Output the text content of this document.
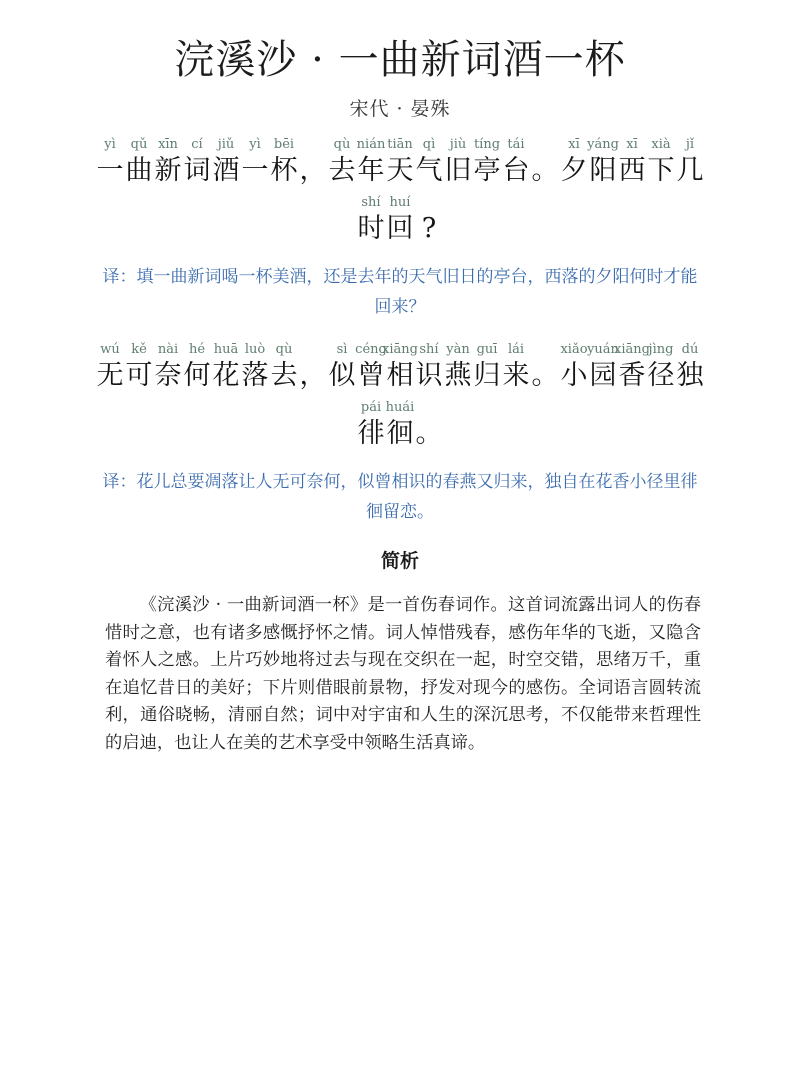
浣溪沙 · 一曲新词酒一杯
宋代 · 晏殊
yì
一
qǔ
曲
xīn
新
cí
词
jiǔ
酒
yì
一
bēi
杯 ，
qù
去
nián
年
tiān
天
qì
气
jiù
旧
tíng
亭
tái
台 。
xī
夕
yáng
阳
xī
西
xià
下
jǐ
几
shí
时
huí
回 ?
译：填一曲新词喝一杯美酒，还是去年的天气旧日的亭台，西落的夕阳何时才能回来？
wú
无
kě
可
nài
奈
hé
何
huā
花
luò
落
qù
去 ，
sì
似
céng
曾
xiāng
相
shí
识
yàn
燕
guī
归
lái
来 。
xiǎo
小
yuán
园
xiāng
香
jìng
径
dú
独
pái
徘
huái
徊 。
译：花儿总要凋落让人无可奈何，似曾相识的春燕又归来，独自在花香小径里徘徊留恋。
简析
《浣溪沙 · 一曲新词酒一杯》是一首伤春词作。这首词流露出词人的伤春惜时之意，也有诸多感慨抒怀之情。词人悼惜残春，感伤年华的飞逝，又隐含着怀人之感。上片巧妙地将过去与现在交织在一起，时空交错，思绪万千，重在追忆昔日的美好；下片则借眼前景物，抒发对现今的感伤。全词语言圆转流利，通俗晓畅，清丽自然；词中对宇宙和人生的深沉思考，不仅能带来哲理性的启迪，也让人在美的艺术享受中领略生活真谛。
